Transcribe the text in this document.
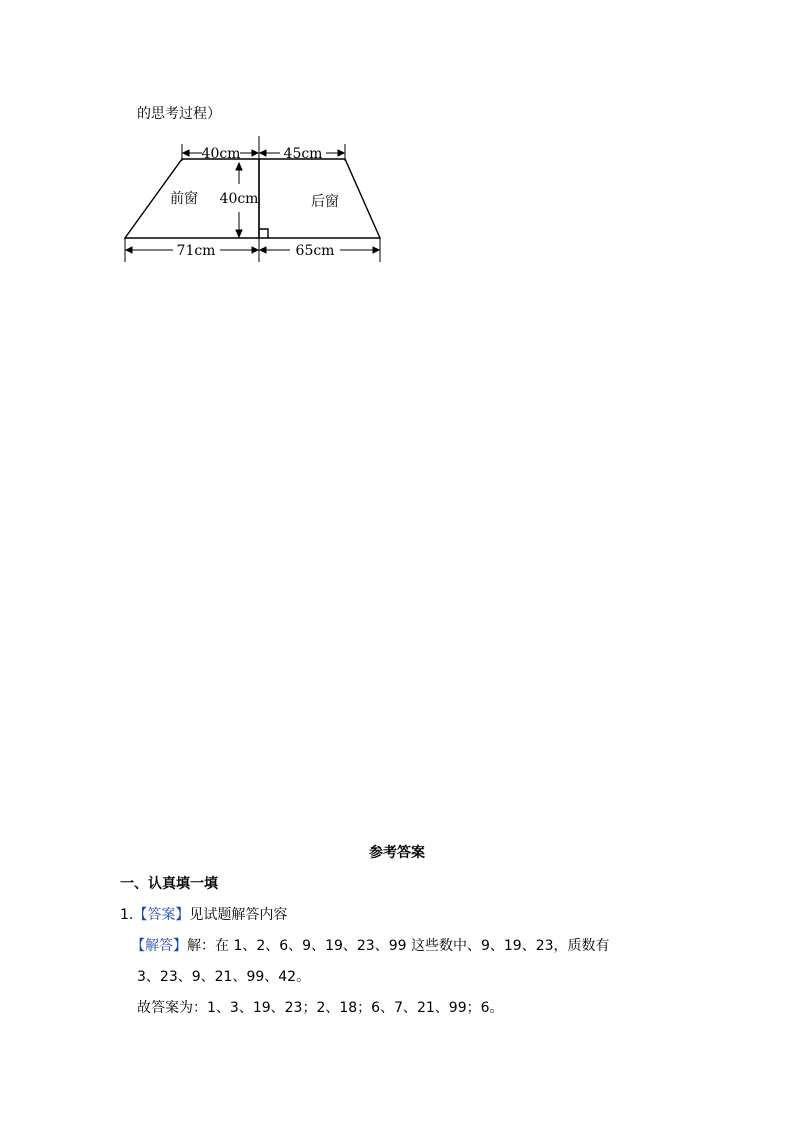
的思考过程）
40cm	45cm
40cm
71cm	65cm
前窗	后窗
参考答案
一、认真填一填
1.【答案】见试题解答内容
【解答】解：在 1、2、6、9、19、23、99 这些数中、9、19、23，质数有
3、23、9、21、99、42。
故答案为：1、3、19、23；2、18；6、7、21、99；6。
